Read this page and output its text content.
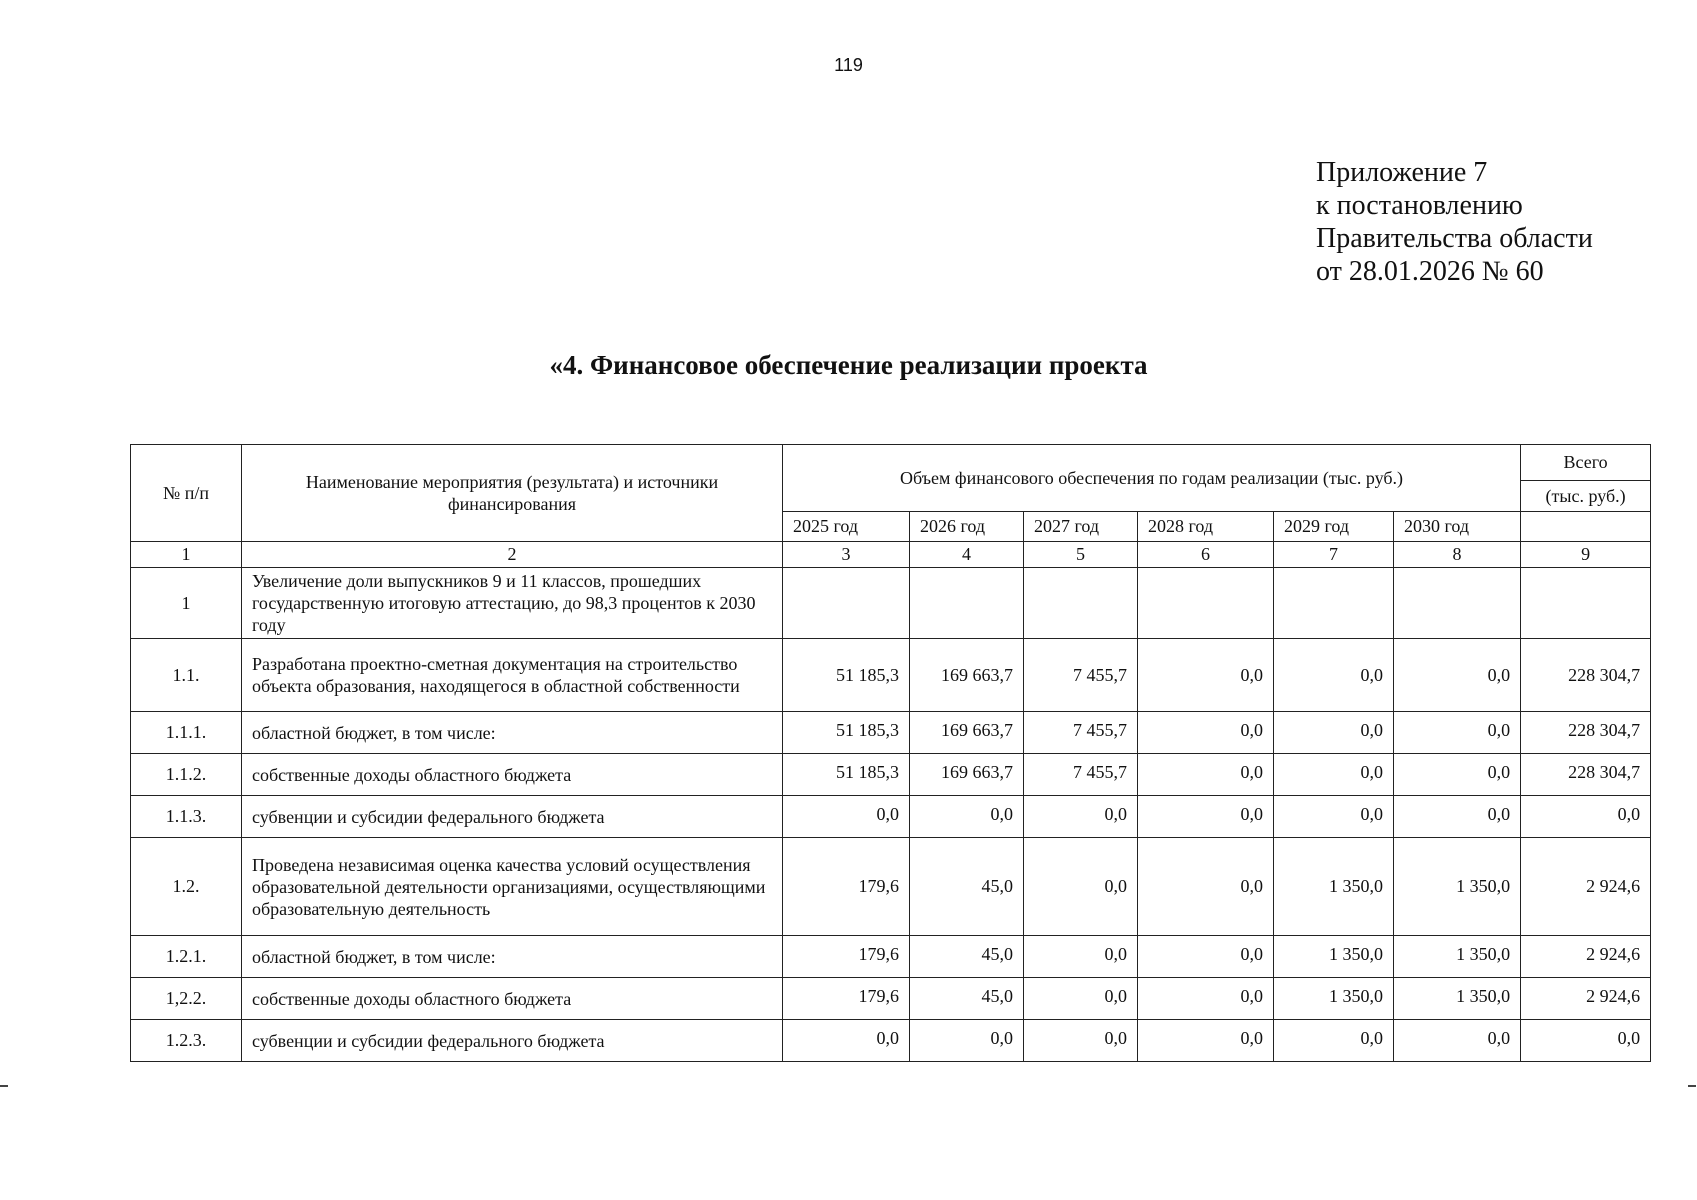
119
Приложение 7
к постановлению
Правительства области
от 28.01.2026 № 60
«4. Финансовое обеспечение реализации проекта
№ п/п	Наименование мероприятия (результата) и источники финансирования	Объем финансового обеспечения по годам реализации (тыс. руб.)						Всего
								(тыс. руб.)
		2025 год	2026 год	2027 год	2028 год	2029 год	2030 год	
1	2	3	4	5	6	7	8	9
1	Увеличение доли выпускников 9 и 11 классов, прошедших государственную итоговую аттестацию, до 98,3 процентов к 2030 году							
1.1.	Разработана проектно-сметная документация на строительство объекта образования, находящегося в областной собственности	51 185,3	169 663,7	7 455,7	0,0	0,0	0,0	228 304,7
1.1.1.	областной бюджет, в том числе:	51 185,3	169 663,7	7 455,7	0,0	0,0	0,0	228 304,7
1.1.2.	собственные доходы областного бюджета	51 185,3	169 663,7	7 455,7	0,0	0,0	0,0	228 304,7
1.1.3.	субвенции и субсидии федерального бюджета	0,0	0,0	0,0	0,0	0,0	0,0	0,0
1.2.	Проведена независимая оценка качества условий осуществления образовательной деятельности организациями, осуществляющими образовательную деятельность	179,6	45,0	0,0	0,0	1 350,0	1 350,0	2 924,6
1.2.1.	областной бюджет, в том числе:	179,6	45,0	0,0	0,0	1 350,0	1 350,0	2 924,6
1,2.2.	собственные доходы областного бюджета	179,6	45,0	0,0	0,0	1 350,0	1 350,0	2 924,6
1.2.3.	субвенции и субсидии федерального бюджета	0,0	0,0	0,0	0,0	0,0	0,0	0,0
